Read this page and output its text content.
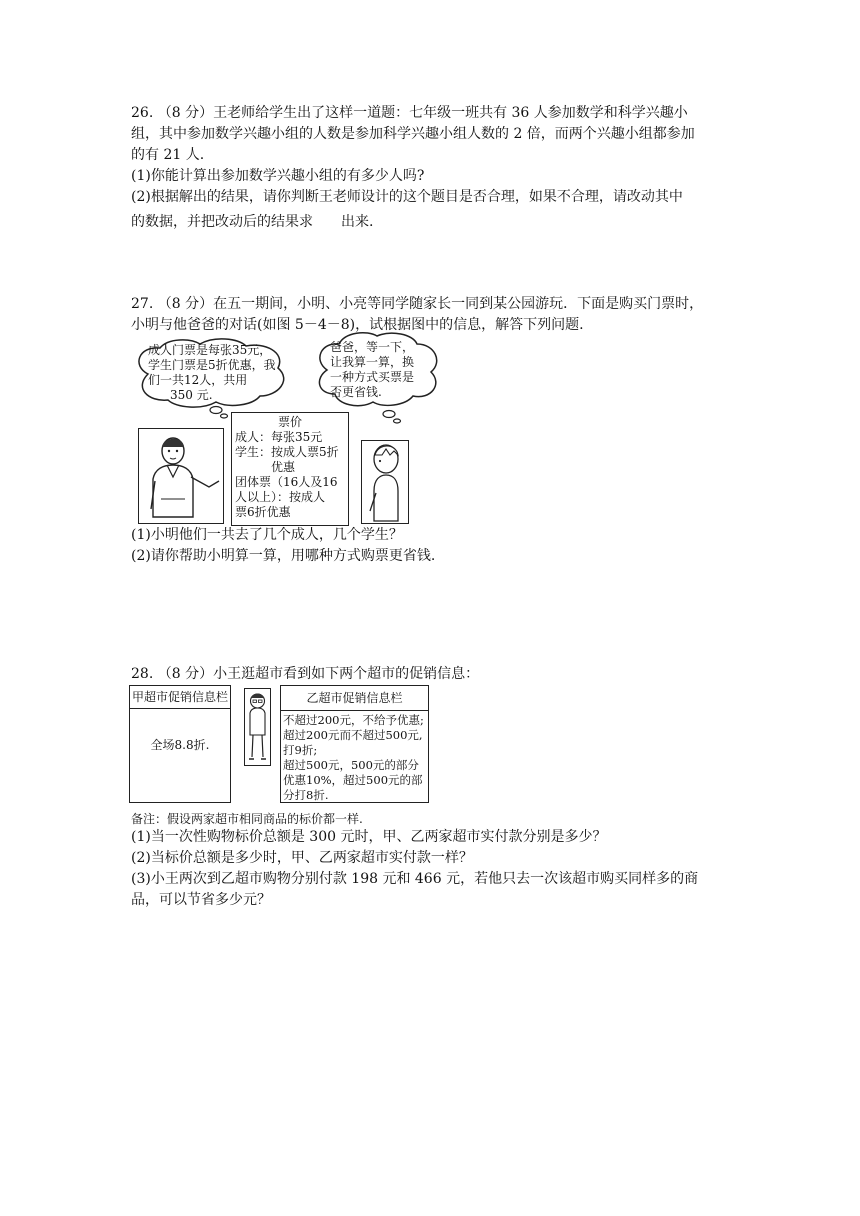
26. （8 分）王老师给学生出了这样一道题：七年级一班共有 36 人参加数学和科学兴趣小
组，其中参加数学兴趣小组的人数是参加科学兴趣小组人数的 2 倍，而两个兴趣小组都参加
的有 21 人.
(1)你能计算出参加数学兴趣小组的有多少人吗?
(2)根据解出的结果，请你判断王老师设计的这个题目是否合理，如果不合理，请改动其中
的数据，并把改动后的结果求　　出来.
27. （8 分）在五一期间，小明、小亮等同学随家长一同到某公园游玩．下面是购买门票时，
小明与他爸爸的对话(如图 5－4－8)，试根据图中的信息，解答下列问题.
成人门票是每张35元，
学生门票是5折优惠，我
们一共12人，共用
350 元.
爸爸，等一下，
让我算一算，换
一种方式买票是
否更省钱.
票价
成人：每张35元
学生：按成人票5折
　　　优惠
团体票（16人及16
人以上）：按成人
票6折优惠
(1)小明他们一共去了几个成人，几个学生？
(2)请你帮助小明算一算，用哪种方式购票更省钱.
28. （8 分）小王逛超市看到如下两个超市的促销信息：
甲超市促销信息栏
全场8.8折.
乙超市促销信息栏
不超过200元，不给予优惠;
超过200元而不超过500元,
打9折;
超过500元，500元的部分
优惠10%，超过500元的部
分打8折.
备注：假设两家超市相同商品的标价都一样.
(1)当一次性购物标价总额是 300 元时，甲、乙两家超市实付款分别是多少？
(2)当标价总额是多少时，甲、乙两家超市实付款一样？
(3)小王两次到乙超市购物分别付款 198 元和 466 元，若他只去一次该超市购买同样多的商
品，可以节省多少元？
